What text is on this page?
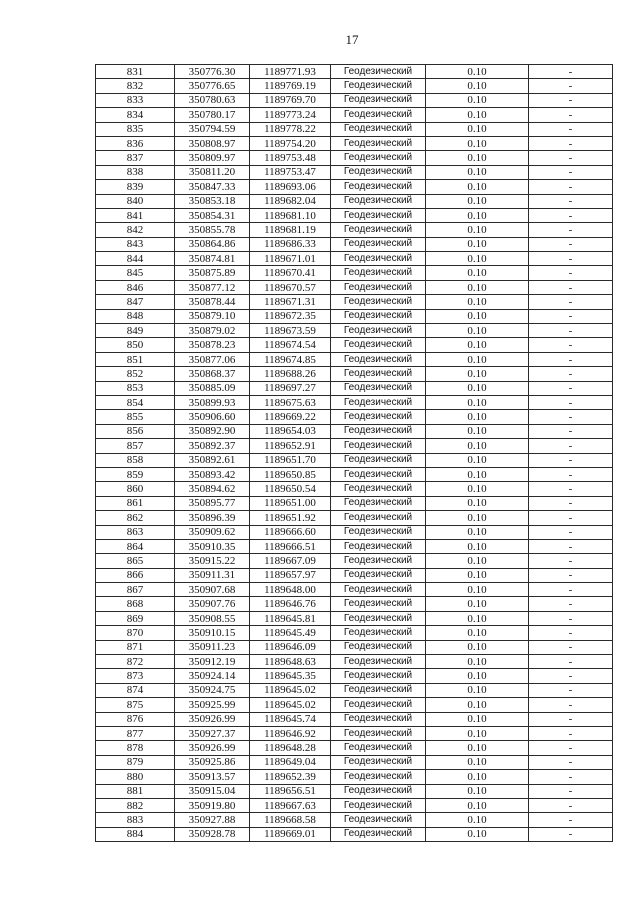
17
831	350776.30	1189771.93	Геодезический	0.10	-
832	350776.65	1189769.19	Геодезический	0.10	-
833	350780.63	1189769.70	Геодезический	0.10	-
834	350780.17	1189773.24	Геодезический	0.10	-
835	350794.59	1189778.22	Геодезический	0.10	-
836	350808.97	1189754.20	Геодезический	0.10	-
837	350809.97	1189753.48	Геодезический	0.10	-
838	350811.20	1189753.47	Геодезический	0.10	-
839	350847.33	1189693.06	Геодезический	0.10	-
840	350853.18	1189682.04	Геодезический	0.10	-
841	350854.31	1189681.10	Геодезический	0.10	-
842	350855.78	1189681.19	Геодезический	0.10	-
843	350864.86	1189686.33	Геодезический	0.10	-
844	350874.81	1189671.01	Геодезический	0.10	-
845	350875.89	1189670.41	Геодезический	0.10	-
846	350877.12	1189670.57	Геодезический	0.10	-
847	350878.44	1189671.31	Геодезический	0.10	-
848	350879.10	1189672.35	Геодезический	0.10	-
849	350879.02	1189673.59	Геодезический	0.10	-
850	350878.23	1189674.54	Геодезический	0.10	-
851	350877.06	1189674.85	Геодезический	0.10	-
852	350868.37	1189688.26	Геодезический	0.10	-
853	350885.09	1189697.27	Геодезический	0.10	-
854	350899.93	1189675.63	Геодезический	0.10	-
855	350906.60	1189669.22	Геодезический	0.10	-
856	350892.90	1189654.03	Геодезический	0.10	-
857	350892.37	1189652.91	Геодезический	0.10	-
858	350892.61	1189651.70	Геодезический	0.10	-
859	350893.42	1189650.85	Геодезический	0.10	-
860	350894.62	1189650.54	Геодезический	0.10	-
861	350895.77	1189651.00	Геодезический	0.10	-
862	350896.39	1189651.92	Геодезический	0.10	-
863	350909.62	1189666.60	Геодезический	0.10	-
864	350910.35	1189666.51	Геодезический	0.10	-
865	350915.22	1189667.09	Геодезический	0.10	-
866	350911.31	1189657.97	Геодезический	0.10	-
867	350907.68	1189648.00	Геодезический	0.10	-
868	350907.76	1189646.76	Геодезический	0.10	-
869	350908.55	1189645.81	Геодезический	0.10	-
870	350910.15	1189645.49	Геодезический	0.10	-
871	350911.23	1189646.09	Геодезический	0.10	-
872	350912.19	1189648.63	Геодезический	0.10	-
873	350924.14	1189645.35	Геодезический	0.10	-
874	350924.75	1189645.02	Геодезический	0.10	-
875	350925.99	1189645.02	Геодезический	0.10	-
876	350926.99	1189645.74	Геодезический	0.10	-
877	350927.37	1189646.92	Геодезический	0.10	-
878	350926.99	1189648.28	Геодезический	0.10	-
879	350925.86	1189649.04	Геодезический	0.10	-
880	350913.57	1189652.39	Геодезический	0.10	-
881	350915.04	1189656.51	Геодезический	0.10	-
882	350919.80	1189667.63	Геодезический	0.10	-
883	350927.88	1189668.58	Геодезический	0.10	-
884	350928.78	1189669.01	Геодезический	0.10	-
